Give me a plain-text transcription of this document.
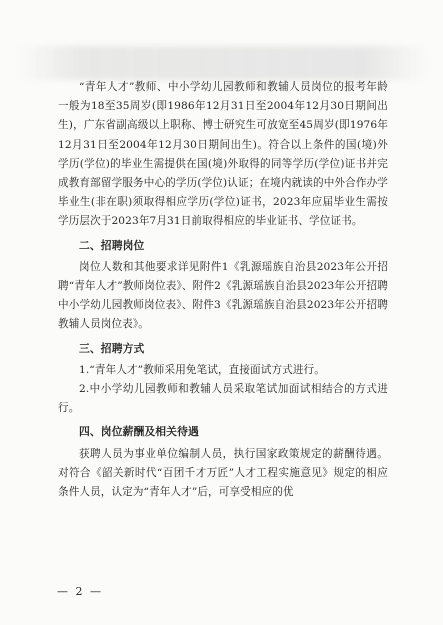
“青年人才”教师、中小学幼儿园教师和教辅人员岗位的报考年龄一般为18至35周岁(即1986年12月31日至2004年12月30日期间出生)，广东省副高级以上职称、博士研究生可放宽至45周岁(即1976年12月31日至2004年12月30日期间出生)。符合以上条件的国(境)外学历(学位)的毕业生需提供在国(境)外取得的同等学历(学位)证书并完成教育部留学服务中心的学历(学位)认证；在境内就读的中外合作办学毕业生(非在职)须取得相应学历(学位)证书，2023年应届毕业生需按学历层次于2023年7月31日前取得相应的毕业证书、学位证书。

二、招聘岗位

岗位人数和其他要求详见附件1《乳源瑶族自治县2023年公开招聘“青年人才”教师岗位表》、附件2《乳源瑶族自治县2023年公开招聘中小学幼儿园教师岗位表》、附件3《乳源瑶族自治县2023年公开招聘教辅人员岗位表》。

三、招聘方式

1.“青年人才”教师采用免笔试，直接面试方式进行。

2.中小学幼儿园教师和教辅人员采取笔试加面试相结合的方式进行。

四、岗位薪酬及相关待遇

获聘人员为事业单位编制人员，执行国家政策规定的薪酬待遇。对符合《韶关新时代“百团千才万匠”人才工程实施意见》规定的相应条件人员，认定为“青年人才”后，可享受相应的优

— 2 —
